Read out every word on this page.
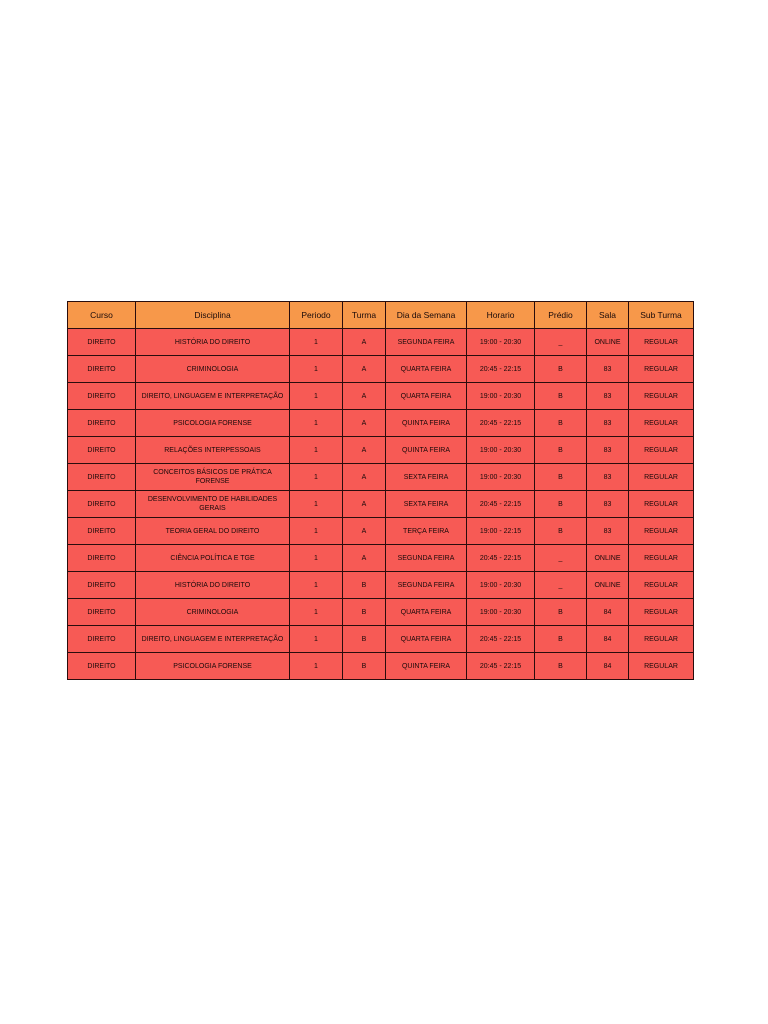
Curso	Disciplina	Periodo	Turma	Dia da Semana	Horario	Prédio	Sala	Sub Turma
DIREITO	HISTÓRIA DO DIREITO	1	A	SEGUNDA FEIRA	19:00 - 20:30	_	ONLINE	REGULAR
DIREITO	CRIMINOLOGIA	1	A	QUARTA FEIRA	20:45 - 22:15	B	83	REGULAR
DIREITO	DIREITO, LINGUAGEM E INTERPRETAÇÃO	1	A	QUARTA FEIRA	19:00 - 20:30	B	83	REGULAR
DIREITO	PSICOLOGIA FORENSE	1	A	QUINTA FEIRA	20:45 - 22:15	B	83	REGULAR
DIREITO	RELAÇÕES INTERPESSOAIS	1	A	QUINTA FEIRA	19:00 - 20:30	B	83	REGULAR
DIREITO	CONCEITOS BÁSICOS DE PRÁTICA FORENSE	1	A	SEXTA FEIRA	19:00 - 20:30	B	83	REGULAR
DIREITO	DESENVOLVIMENTO DE HABILIDADES GERAIS	1	A	SEXTA FEIRA	20:45 - 22:15	B	83	REGULAR
DIREITO	TEORIA GERAL DO DIREITO	1	A	TERÇA FEIRA	19:00 - 22:15	B	83	REGULAR
DIREITO	CIÊNCIA POLÍTICA E TGE	1	A	SEGUNDA FEIRA	20:45 - 22:15	_	ONLINE	REGULAR
DIREITO	HISTÓRIA DO DIREITO	1	B	SEGUNDA FEIRA	19:00 - 20:30	_	ONLINE	REGULAR
DIREITO	CRIMINOLOGIA	1	B	QUARTA FEIRA	19:00 - 20:30	B	84	REGULAR
DIREITO	DIREITO, LINGUAGEM E INTERPRETAÇÃO	1	B	QUARTA FEIRA	20:45 - 22:15	B	84	REGULAR
DIREITO	PSICOLOGIA FORENSE	1	B	QUINTA FEIRA	20:45 - 22:15	B	84	REGULAR
